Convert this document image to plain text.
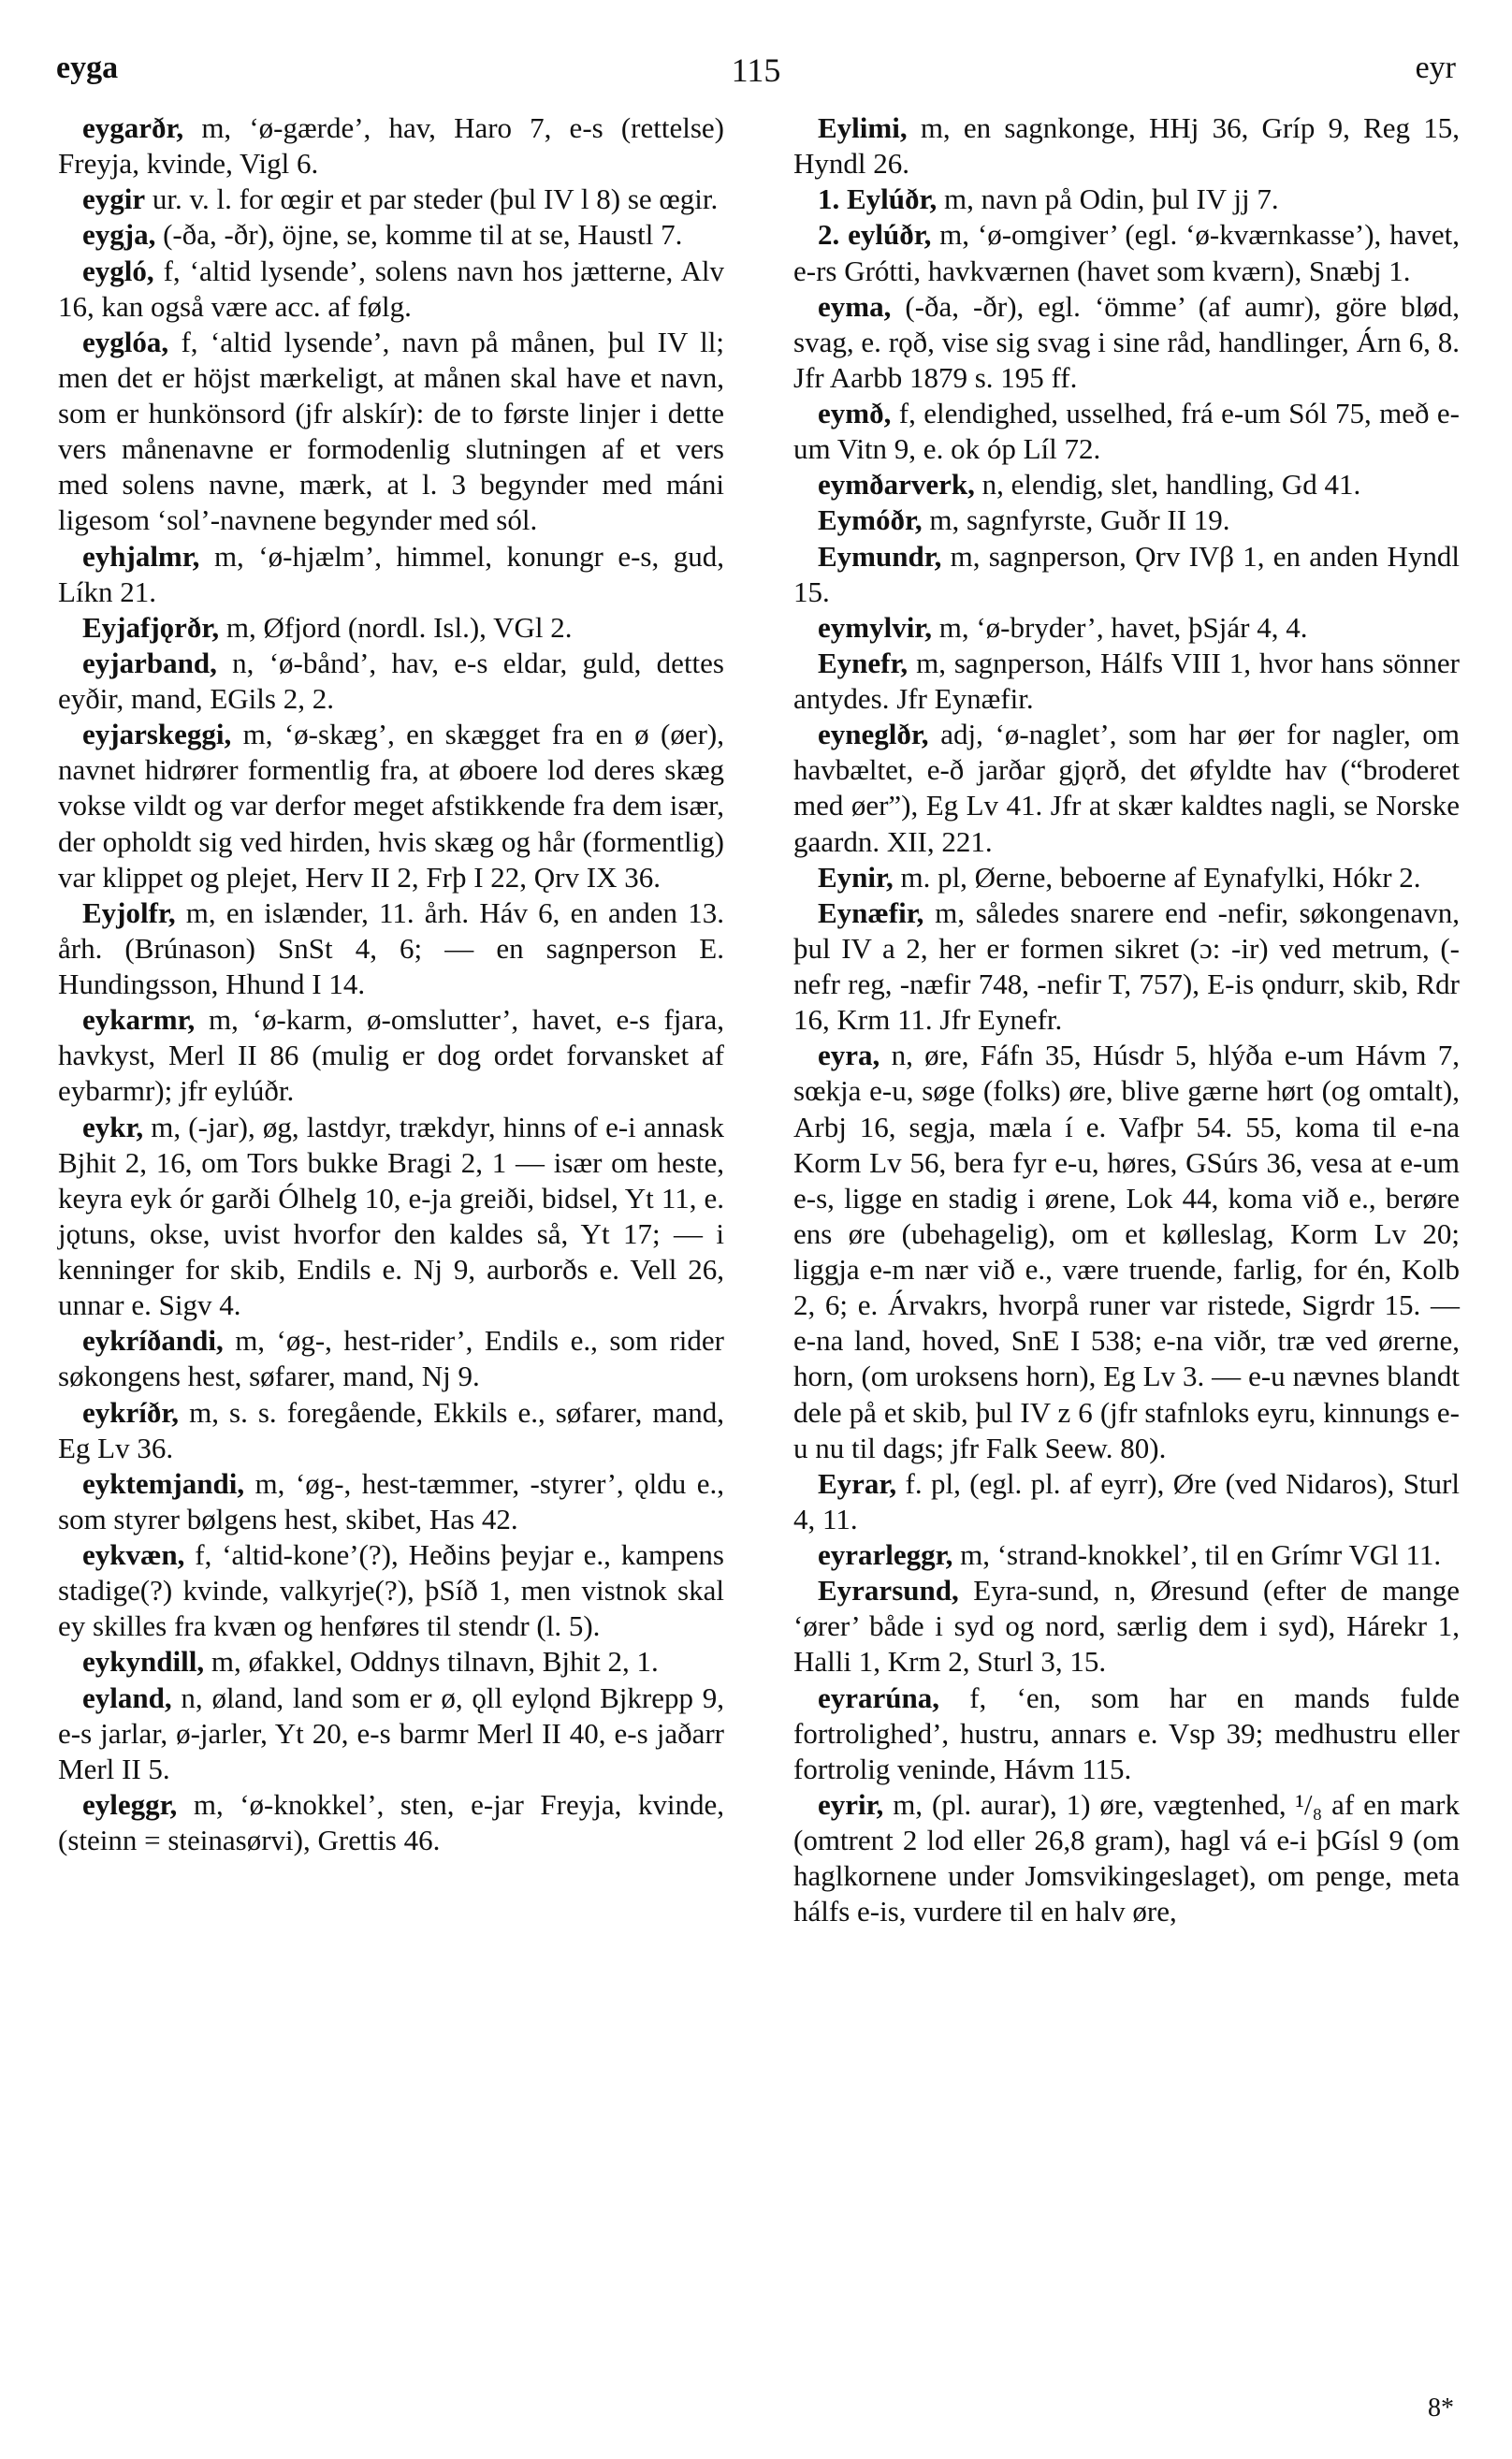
eyga	115	eyr

eygarðr, m, ‘ø-gærde’, hav, Harо 7, e-s (rettelse) Freyja, kvinde, Vigl 6.

eygir ur. v. l. for œgir et par steder (þul IV l 8) se œgir.

eygja, (-ða, -ðr), öjne, se, komme til at se, Haustl 7.

eygló, f, ‘altid lysende’, solens navn hos jætterne, Alv 16, kan også være acc. af følg.

eyglóa, f, ‘altid lysende’, navn på månen, þul IV ll; men det er höjst mærkeligt, at månen skal have et navn, som er hunkönsord (jfr alskír): de to første linjer i dette vers månenavne er formodenlig slutningen af et vers med solens navne, mærk, at l. 3 begynder med máni ligesom ‘sol’-navnene begynder med sól.

eyhjalmr, m, ‘ø-hjælm’, himmel, konungr e-s, gud, Líkn 21.

Eyjafjǫrðr, m, Øfjord (nordl. Isl.), VGl 2.

eyjarband, n, ‘ø-bånd’, hav, e-s eldar, guld, dettes eyðir, mand, EGils 2, 2.

eyjarskeggi, m, ‘ø-skæg’, en skægget fra en ø (øer), navnet hidrører formentlig fra, at øboere lod deres skæg vokse vildt og var derfor meget afstikkende fra dem især, der opholdt sig ved hirden, hvis skæg og hår (formentlig) var klippet og plejet, Herv II 2, Frþ I 22, Ǫrv IX 36.

Eyjolfr, m, en islænder, 11. årh. Háv 6, en anden 13. årh. (Brúnason) SnSt 4, 6; — en sagnperson E. Hundingsson, Hhund I 14.

eykarmr, m, ‘ø-karm, ø-omslutter’, havet, e-s fjara, havkyst, Merl II 86 (mulig er dog ordet forvansket af eybarmr); jfr eylúðr.

eykr, m, (-jar), øg, lastdyr, trækdyr, hinns of e-i annask Bjhit 2, 16, om Tors bukke Bragi 2, 1 — især om heste, keyra eyk ór garði Ólhelg 10, e-ja greiði, bidsel, Yt 11, e. jǫtuns, okse, uvist hvorfor den kaldes så, Yt 17; — i kenninger for skib, Endils e. Nj 9, aurborðs e. Vell 26, unnar e. Sigv 4.

eykríðandi, m, ‘øg-, hest-rider’, Endils e., som rider søkongens hest, søfarer, mand, Nj 9.

eykríðr, m, s. s. foregående, Ekkils e., søfarer, mand, Eg Lv 36.

eyktemjandi, m, ‘øg-, hest-tæmmer, -styrer’, ǫldu e., som styrer bølgens hest, skibet, Has 42.

eykvæn, f, ‘altid-kone’(?), Heðins þeyjar e., kampens stadige(?) kvinde, valkyrje(?), þSíð 1, men vistnok skal ey skilles fra kvæn og henføres til stendr (l. 5).

eykyndill, m, øfakkel, Oddnys tilnavn, Bjhit 2, 1.

eyland, n, øland, land som er ø, ǫll eylǫnd Bjkrepp 9, e-s jarlar, ø-jarler, Yt 20, e-s barmr Merl II 40, e-s jaðarr Merl II 5.

eyleggr, m, ‘ø-knokkel’, sten, e-jar Freyja, kvinde, (steinn = steinasørvi), Grettis 46.

Eylimi, m, en sagnkonge, HHj 36, Gríp 9, Reg 15, Hyndl 26.

1. Eylúðr, m, navn på Odin, þul IV jj 7.

2. eylúðr, m, ‘ø-omgiver’ (egl. ‘ø-kværnkasse’), havet, e-rs Grótti, havkværnen (havet som kværn), Snæbj 1.

eyma, (-ða, -ðr), egl. ‘ömme’ (af aumr), göre blød, svag, e. rǫð, vise sig svag i sine råd, handlinger, Árn 6, 8. Jfr Aarbb 1879 s. 195 ff.

eymð, f, elendighed, usselhed, frá e-um Sól 75, með e-um Vitn 9, e. ok óp Líl 72.

eymðarverk, n, elendig, slet, handling, Gd 41.

Eymóðr, m, sagnfyrste, Guðr II 19.

Eymundr, m, sagnperson, Ǫrv IVβ 1, en anden Hyndl 15.

eymylvir, m, ‘ø-bryder’, havet, þSjár 4, 4.

Eynefr, m, sagnperson, Hálfs VIII 1, hvor hans sönner antydes. Jfr Eynæfir.

eyneglðr, adj, ‘ø-naglet’, som har øer for nagler, om havbæltet, e-ð jarðar gjǫrð, det øfyldte hav (“broderet med øer”), Eg Lv 41. Jfr at skær kaldtes nagli, se Norske gaardn. XII, 221.

Eynir, m. pl, Øerne, beboerne af Eynafylki, Hókr 2.

Eynæfir, m, således snarere end -nefir, søkongenavn, þul IV a 2, her er formen sikret (ɔ: -ir) ved metrum, (-nefr reg, -næfir 748, -nefir T, 757), E-is ǫndurr, skib, Rdr 16, Krm 11. Jfr Eynefr.

eyra, n, øre, Fáfn 35, Húsdr 5, hlýða e-um Hávm 7, sœkja e-u, søge (folks) øre, blive gærne hørt (og omtalt), Arbj 16, segja, mæla í e. Vafþr 54. 55, koma til e-na Korm Lv 56, bera fyr e-u, høres, GSúrs 36, vesa at e-um e-s, ligge en stadig i ørene, Lok 44, koma við e., berøre ens øre (ubehagelig), om et kølleslag, Korm Lv 20; liggja e-m nær við e., være truende, farlig, for én, Kolb 2, 6; e. Árvakrs, hvorpå runer var ristede, Sigrdr 15. — e-na land, hoved, SnE I 538; e-na viðr, træ ved ørerne, horn, (om uroksens horn), Eg Lv 3. — e-u nævnes blandt dele på et skib, þul IV z 6 (jfr stafnloks eyru, kinnungs e-u nu til dags; jfr Falk Seew. 80).

Eyrar, f. pl, (egl. pl. af eyrr), Øre (ved Nidaros), Sturl 4, 11.

eyrarleggr, m, ‘strand-knokkel’, til en Grímr VGl 11.

Eyrarsund, Eyra-sund, n, Øresund (efter de mange ‘ører’ både i syd og nord, særlig dem i syd), Hárekr 1, Halli 1, Krm 2, Sturl 3, 15.

eyrarúna, f, ‘en, som har en mands fulde fortrolighed’, hustru, annars e. Vsp 39; medhustru eller fortrolig veninde, Hávm 115.

eyrir, m, (pl. aurar), 1) øre, vægtenhed, ¹/₈ af en mark (omtrent 2 lod eller 26,8 gram), hagl vá e-i þGísl 9 (om haglkornene under Jomsvikingeslaget), om penge, meta hálfs e-is, vurdere til en halv øre,

8*
